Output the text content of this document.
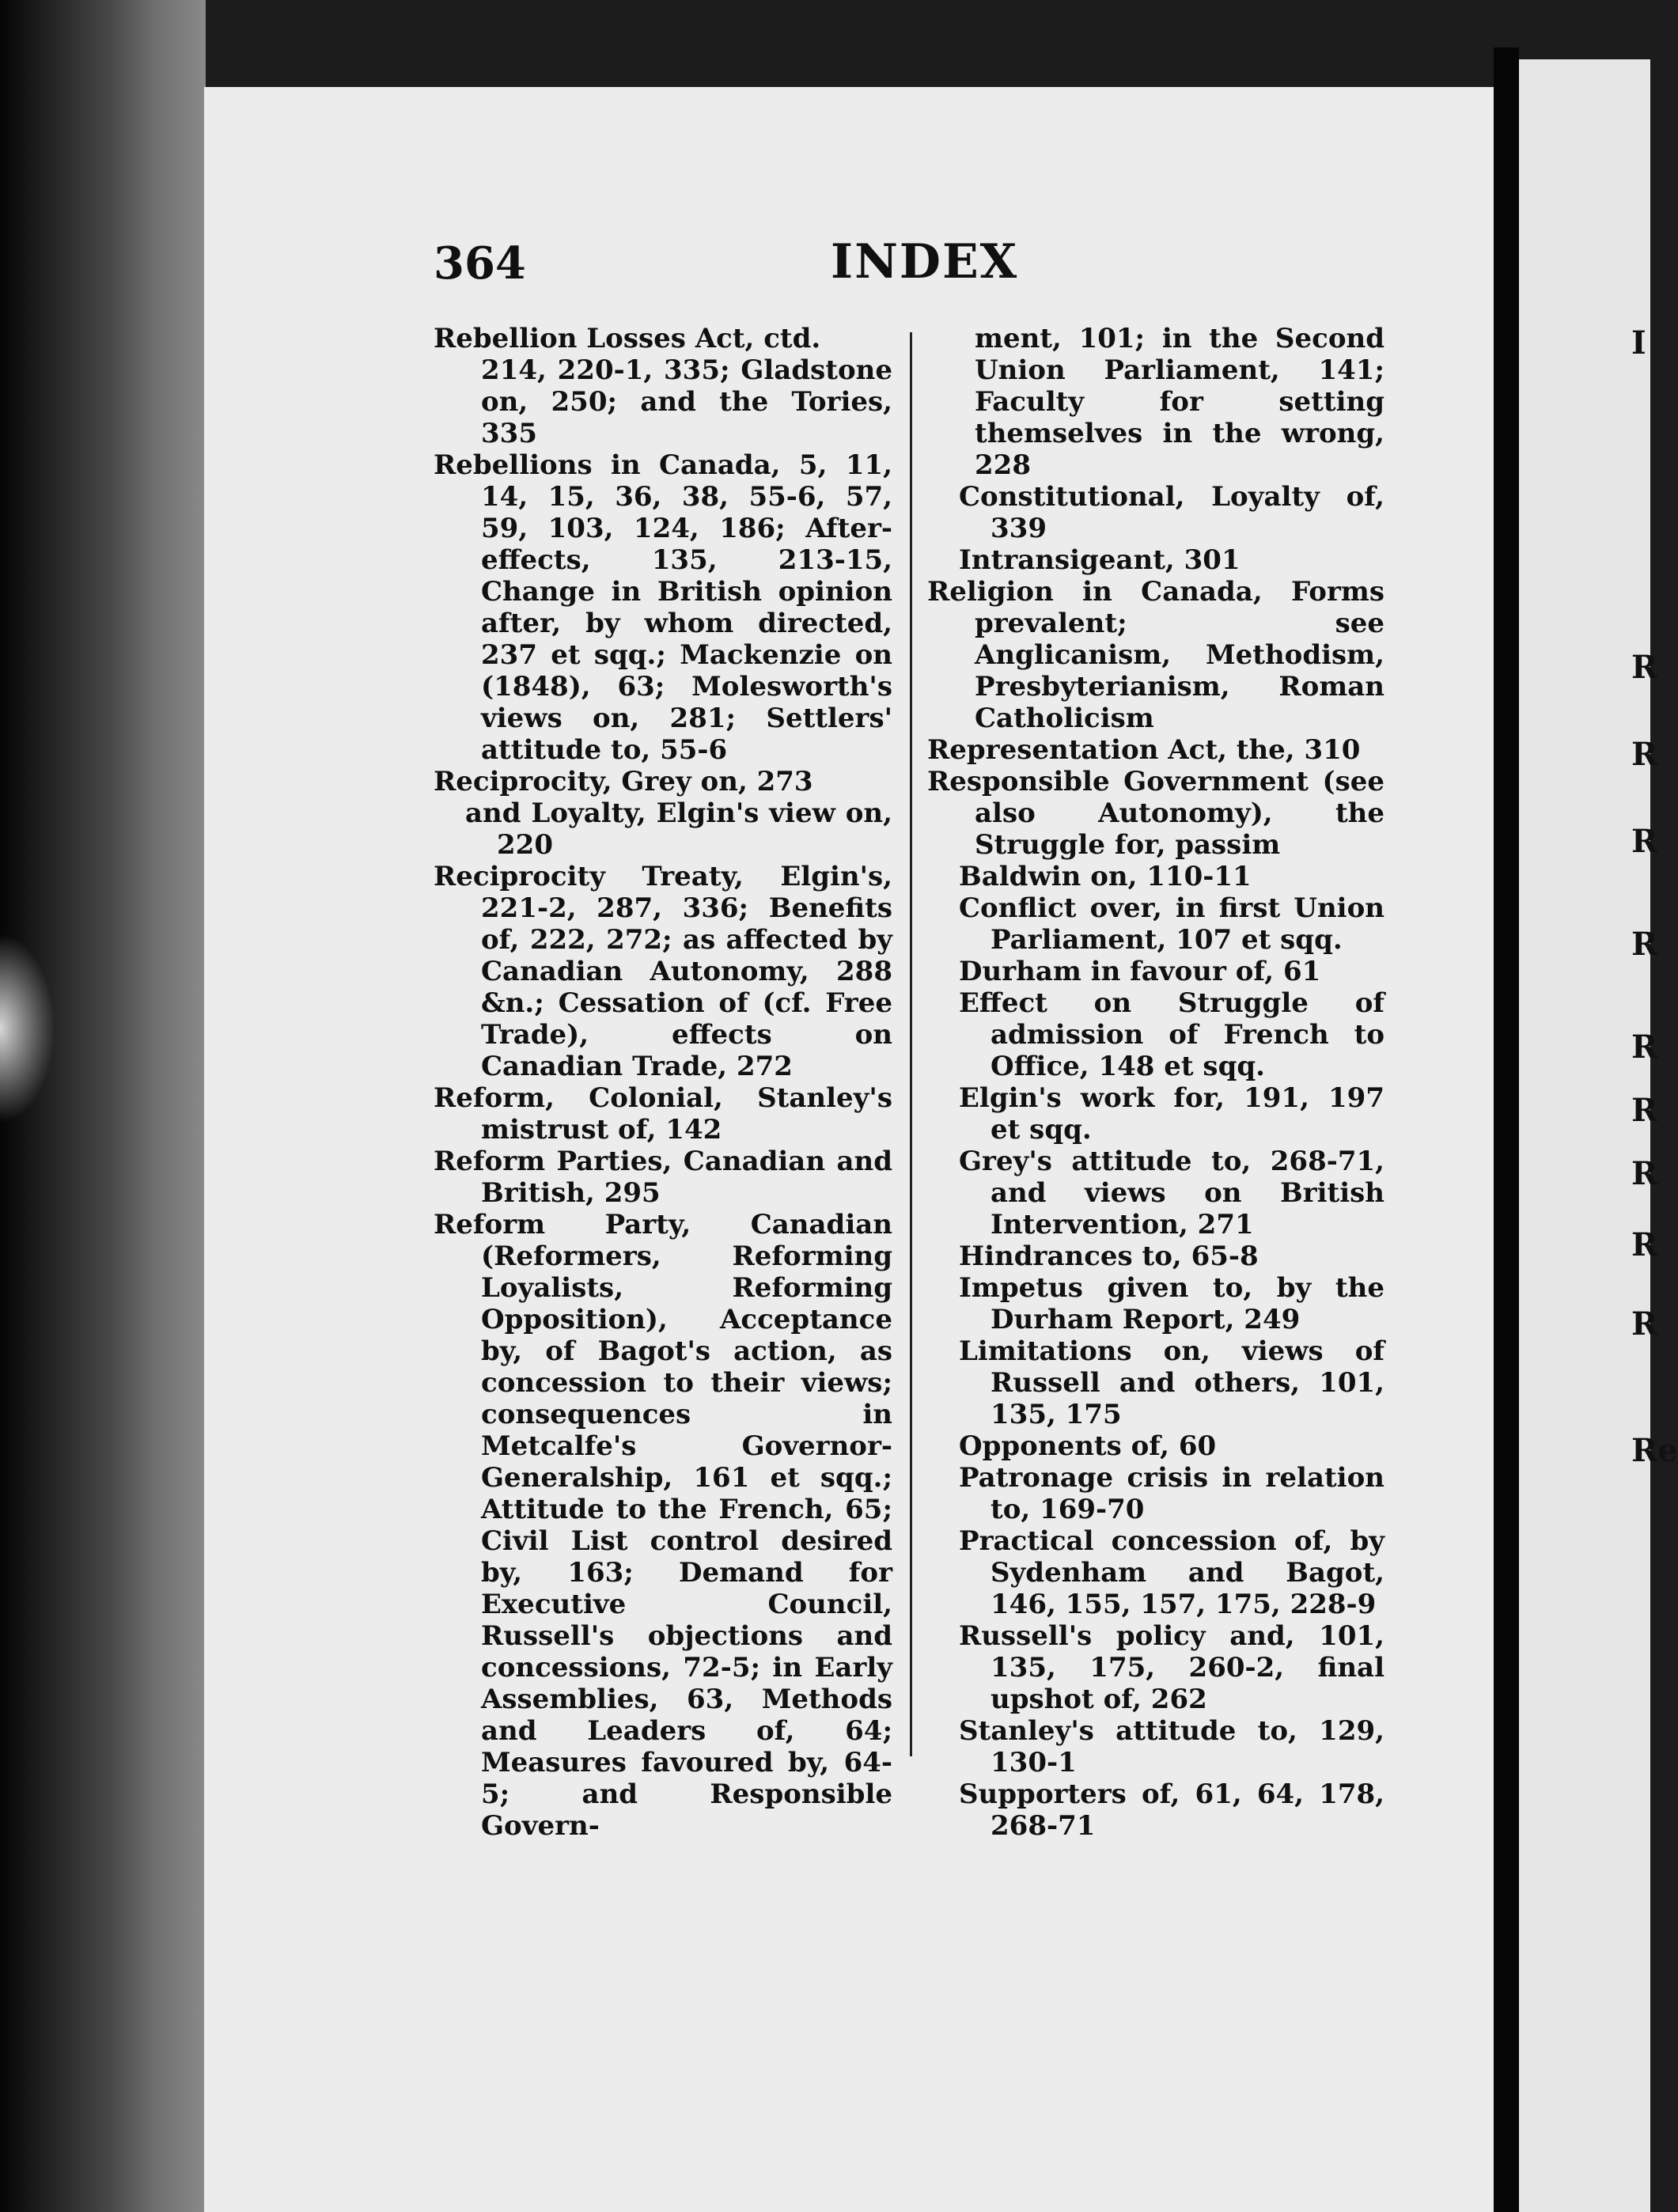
I
R
R
R
R
R
R
R
R
R
Re
364	INDEX
Rebellion Losses Act, ctd.
214, 220-1, 335; Gladstone on, 250; and the Tories, 335
Rebellions in Canada, 5, 11, 14, 15, 36, 38, 55-6, 57, 59, 103, 124, 186; After-effects, 135, 213-15, Change in British opinion after, by whom directed, 237 et sqq.; Mackenzie on (1848), 63; Molesworth's views on, 281; Settlers' attitude to, 55-6
Reciprocity, Grey on, 273
and Loyalty, Elgin's view on, 220
Reciprocity Treaty, Elgin's, 221-2, 287, 336; Benefits of, 222, 272; as affected by Canadian Autonomy, 288 &n.; Cessation of (cf. Free Trade), effects on Canadian Trade, 272
Reform, Colonial, Stanley's mistrust of, 142
Reform Parties, Canadian and British, 295
Reform Party, Canadian (Reformers, Reforming Loyalists, Reforming Opposition), Acceptance by, of Bagot's action, as concession to their views; consequences in Metcalfe's Governor-Generalship, 161 et sqq.; Attitude to the French, 65; Civil List control desired by, 163; Demand for Executive Council, Russell's objections and concessions, 72-5; in Early Assemblies, 63, Methods and Leaders of, 64; Measures favoured by, 64-5; and Responsible Govern-
ment, 101; in the Second Union Parliament, 141; Faculty for setting themselves in the wrong, 228
Constitutional, Loyalty of, 339
Intransigeant, 301
Religion in Canada, Forms prevalent; see Anglicanism, Methodism, Presbyterianism, Roman Catholicism
Representation Act, the, 310
Responsible Government (see also Autonomy), the Struggle for, passim
Baldwin on, 110-11
Conflict over, in first Union Parliament, 107 et sqq.
Durham in favour of, 61
Effect on Struggle of admission of French to Office, 148 et sqq.
Elgin's work for, 191, 197 et sqq.
Grey's attitude to, 268-71, and views on British Intervention, 271
Hindrances to, 65-8
Impetus given to, by the Durham Report, 249
Limitations on, views of Russell and others, 101, 135, 175
Opponents of, 60
Patronage crisis in relation to, 169-70
Practical concession of, by Sydenham and Bagot, 146, 155, 157, 175, 228-9
Russell's policy and, 101, 135, 175, 260-2, final upshot of, 262
Stanley's attitude to, 129, 130-1
Supporters of, 61, 64, 178, 268-71
